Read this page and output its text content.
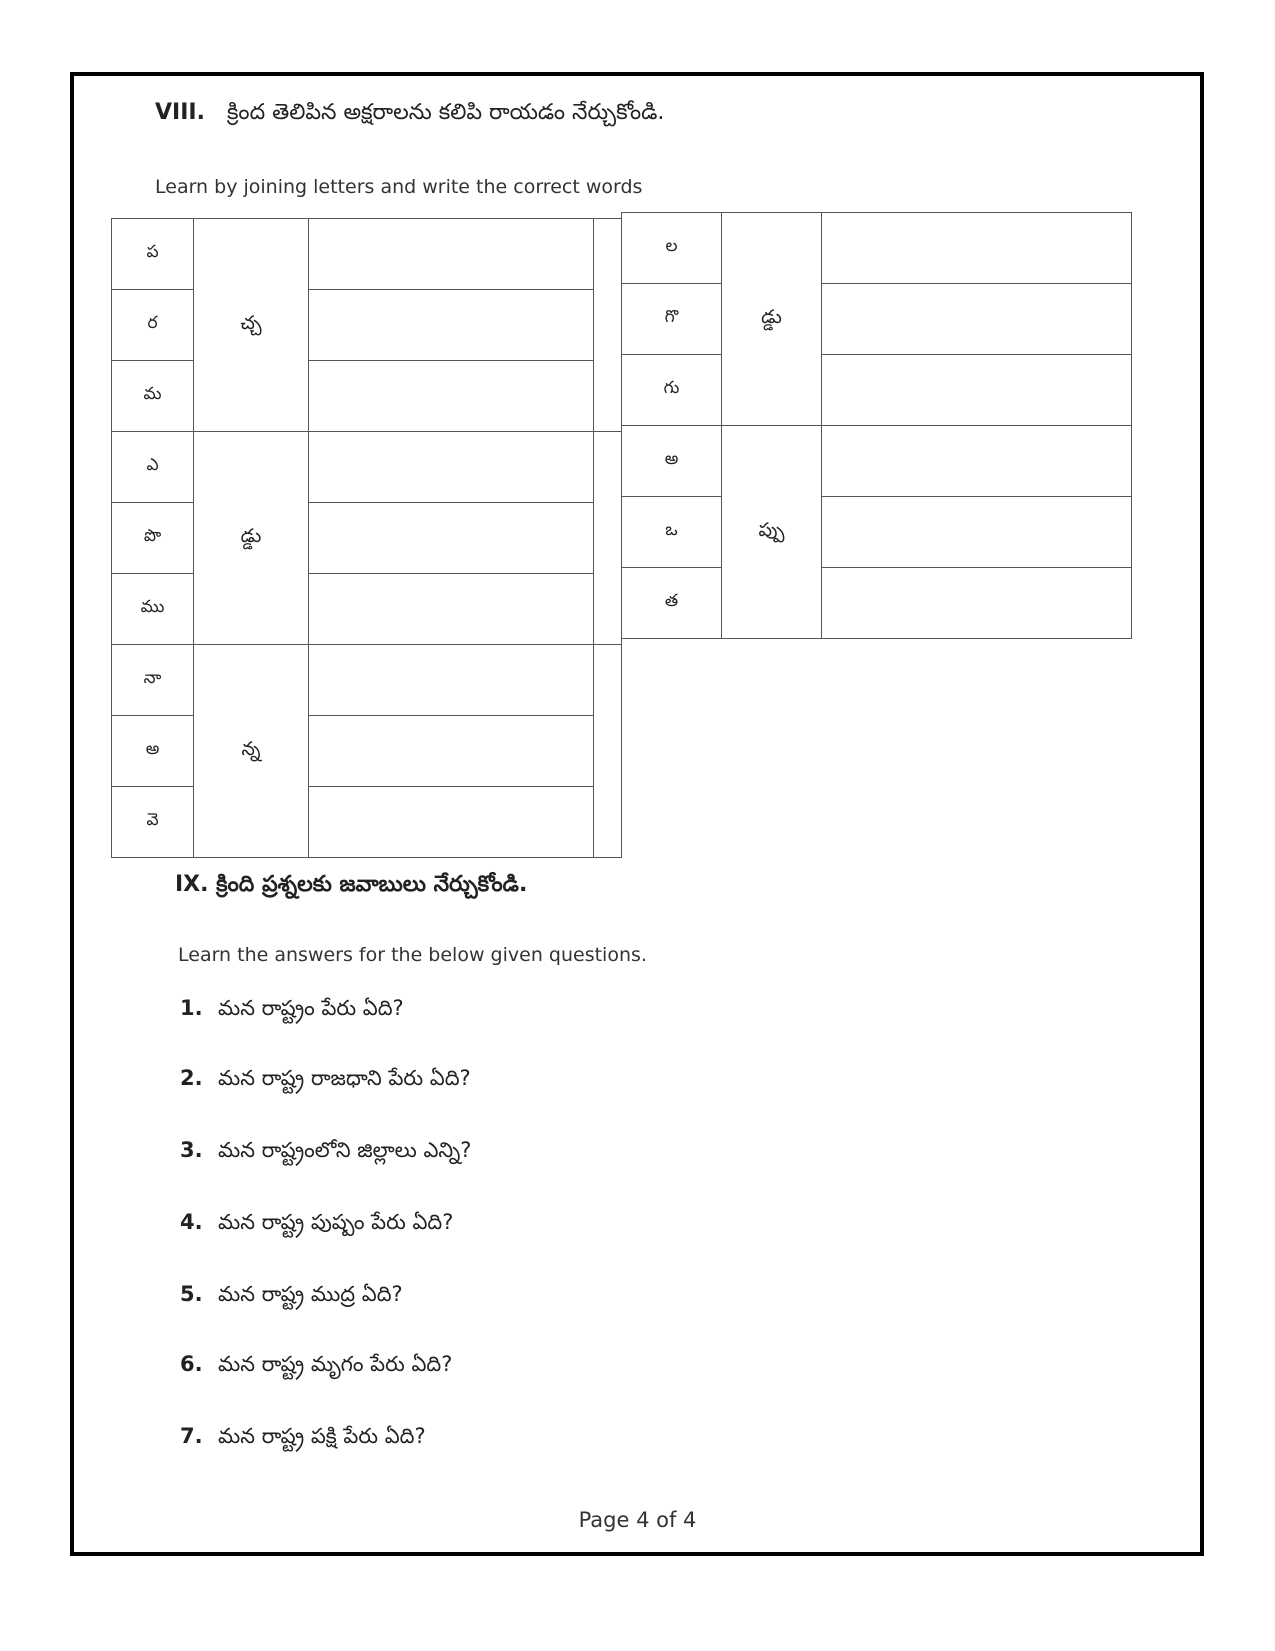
VIII. క్రింద తెలిపిన అక్షరాలను కలిపి రాయడం నేర్చుకోండి.
Learn by joining letters and write the correct words
ప	చ్చ		
ర			
మ			
ఎ	డ్డు		
పొ			
ము			
నా	న్న		
అ			
వె			
ల	డ్డు	
గొ		
గు		
అ	ప్పు	
ఒ		
త		
IX. క్రింది ప్రశ్నలకు జవాబులు నేర్చుకోండి.
Learn the answers for the below given questions.
1. మన రాష్ట్రం పేరు ఏది?
2. మన రాష్ట్ర రాజధాని పేరు ఏది?
3. మన రాష్ట్రంలోని జిల్లాలు ఎన్ని?
4. మన రాష్ట్ర పుష్పం పేరు ఏది?
5. మన రాష్ట్ర ముద్ర ఏది?
6. మన రాష్ట్ర మృగం పేరు ఏది?
7. మన రాష్ట్ర పక్షి పేరు ఏది?
Page 4 of 4
